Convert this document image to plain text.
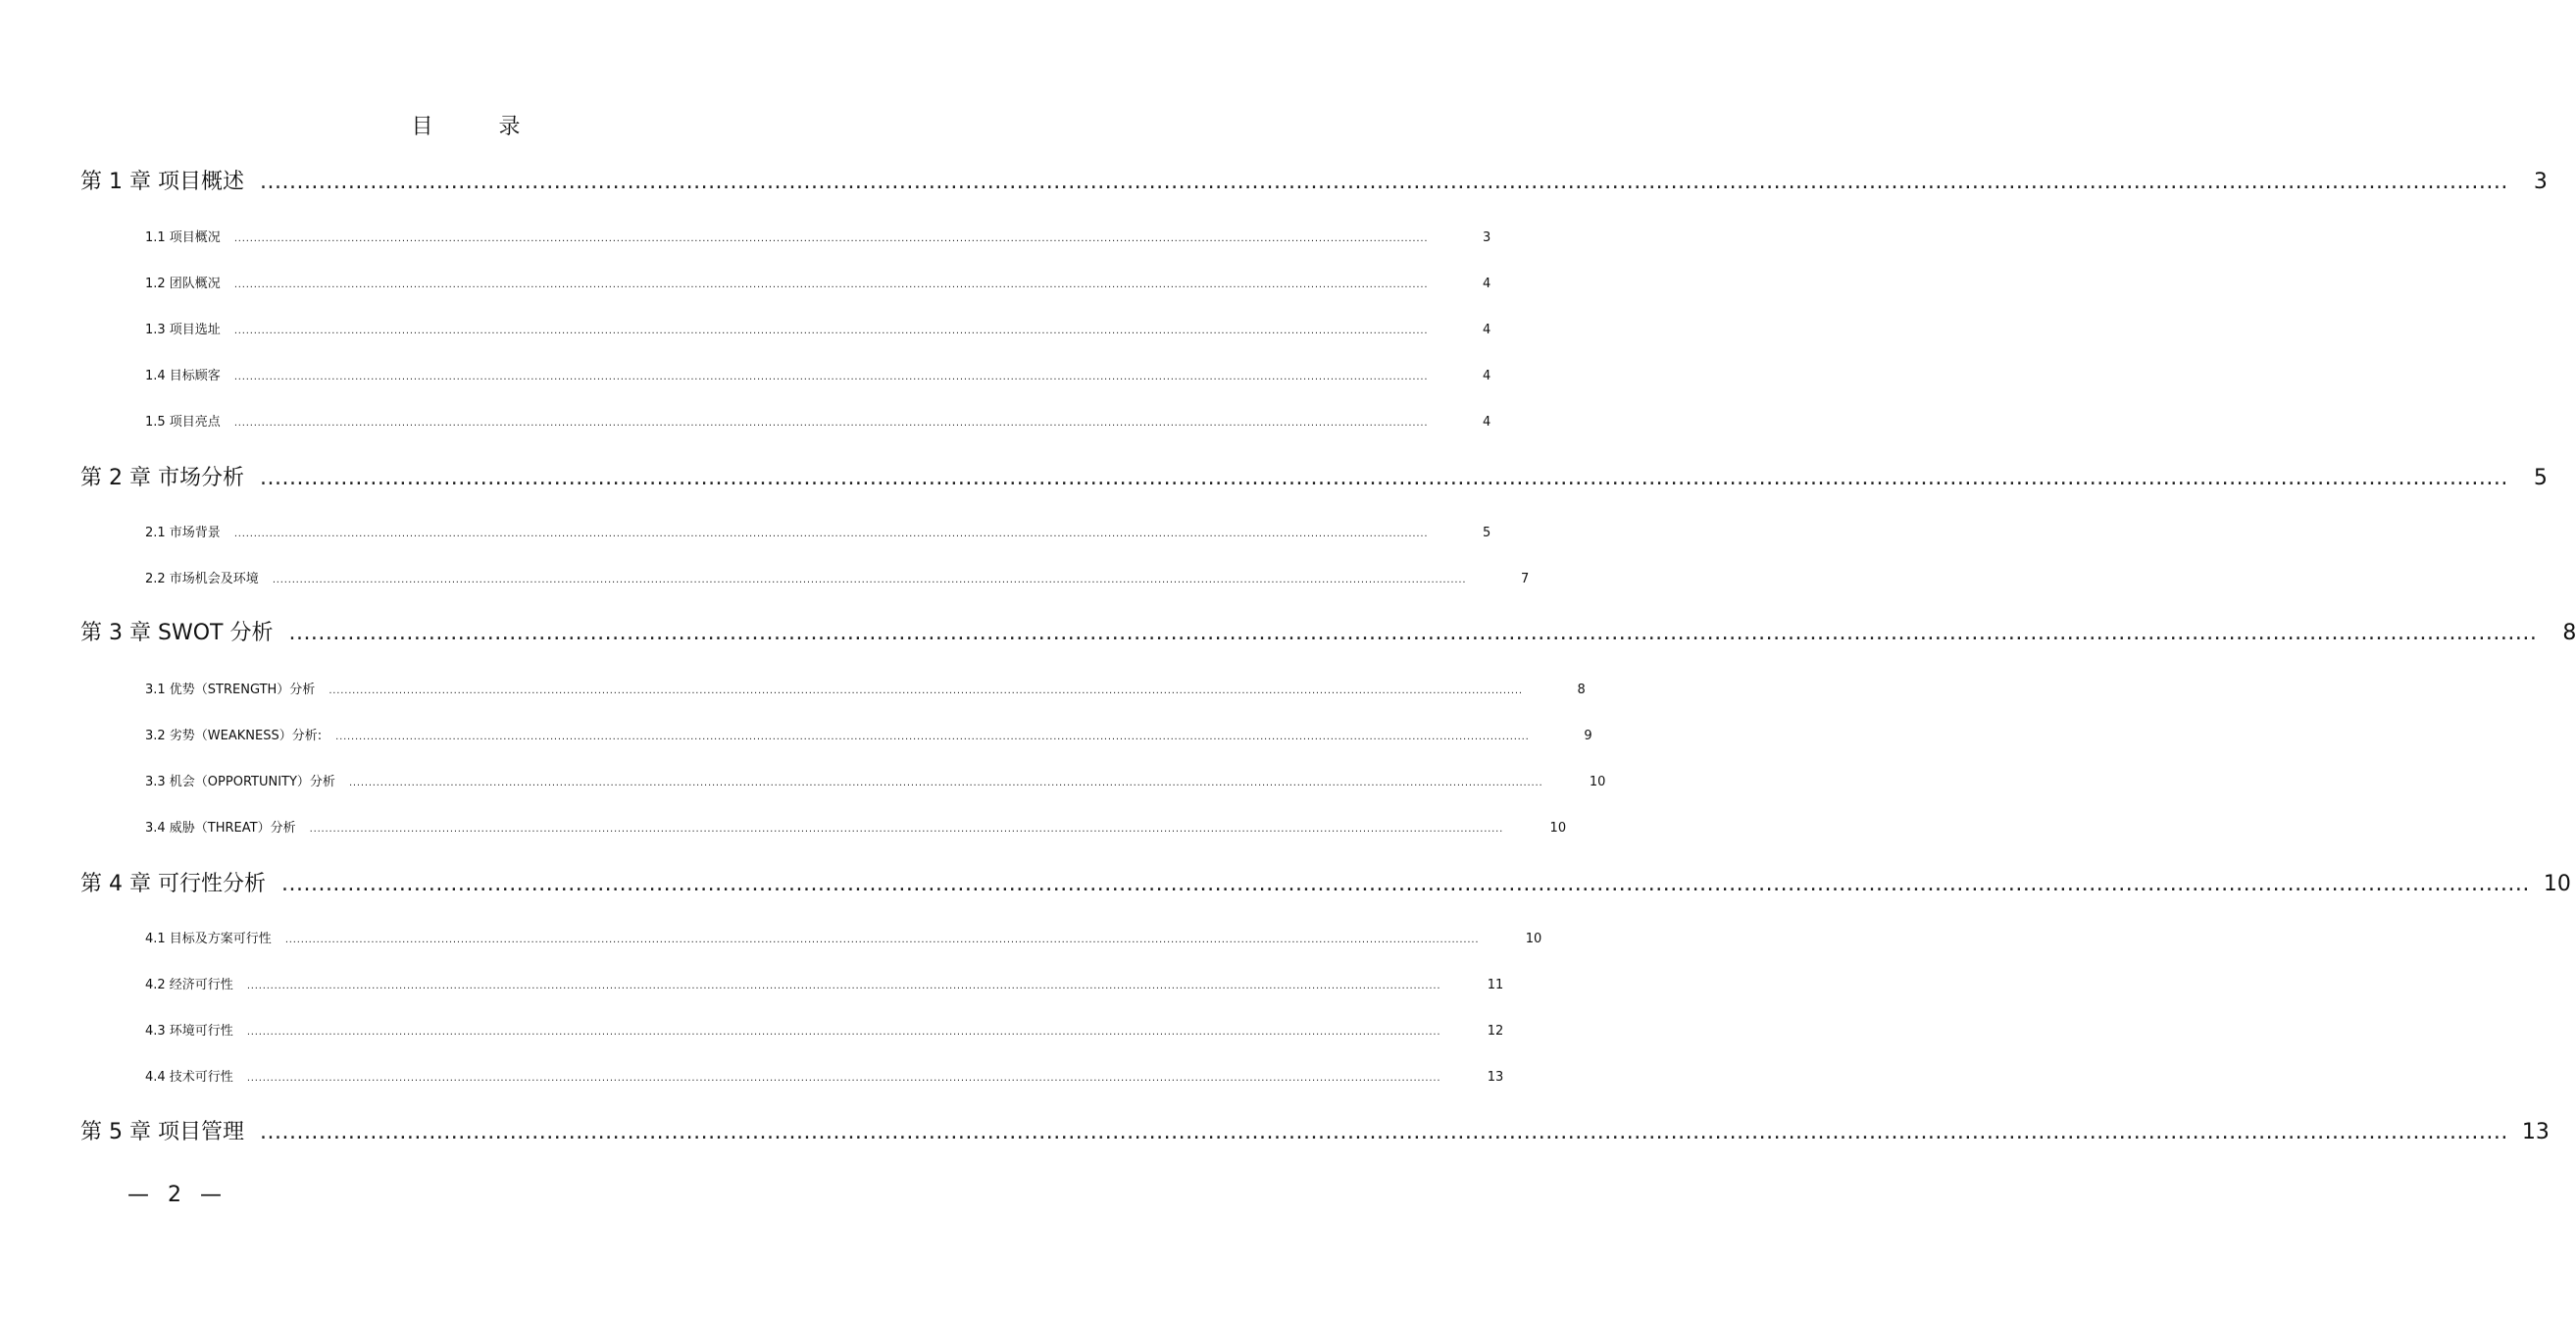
目 录
第 1 章 项目概述 ..................................................................................................................................................................................................................................................................................................................	3
1.1 项目概况 ..................................................................................................................................................................................................................................................................................................................	3
1.2 团队概况 ..................................................................................................................................................................................................................................................................................................................	4
1.3 项目选址 ..................................................................................................................................................................................................................................................................................................................	4
1.4 目标顾客 ..................................................................................................................................................................................................................................................................................................................	4
1.5 项目亮点 ..................................................................................................................................................................................................................................................................................................................	4
第 2 章 市场分析 ..................................................................................................................................................................................................................................................................................................................	5
2.1 市场背景 ..................................................................................................................................................................................................................................................................................................................	5
2.2 市场机会及环境 ..................................................................................................................................................................................................................................................................................................................	7
第 3 章 SWOT 分析 ..................................................................................................................................................................................................................................................................................................................	8
3.1 优势（STRENGTH）分析 ..................................................................................................................................................................................................................................................................................................................	8
3.2 劣势（WEAKNESS）分析: ..................................................................................................................................................................................................................................................................................................................	9
3.3 机会（OPPORTUNITY）分析 ..................................................................................................................................................................................................................................................................................................................	10
3.4 威胁（THREAT）分析 ..................................................................................................................................................................................................................................................................................................................	10
第 4 章 可行性分析 .................................................................................................................................................................................................................................................................................................................. 10
4.1 目标及方案可行性 ..................................................................................................................................................................................................................................................................................................................	10
4.2 经济可行性 ..................................................................................................................................................................................................................................................................................................................	11
4.3 环境可行性 ..................................................................................................................................................................................................................................................................................................................	12
4.4 技术可行性 ..................................................................................................................................................................................................................................................................................................................	13
第 5 章 项目管理 .................................................................................................................................................................................................................................................................................................................. 13
— 2 —
